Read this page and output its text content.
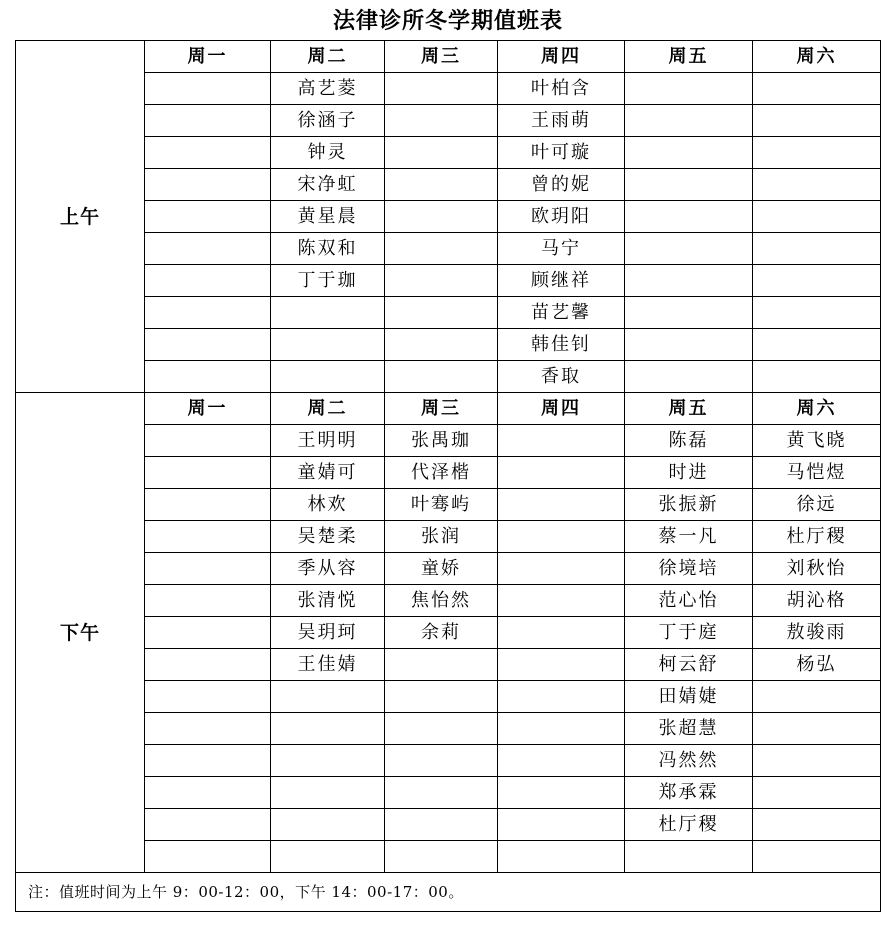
法律诊所冬学期值班表
上午	周一	周二	周三	周四	周五	周六
		高艺菱		叶柏含		
		徐涵子		王雨萌		
		钟灵		叶可璇		
		宋净虹		曾的妮		
		黄星晨		欧玥阳		
		陈双和		马宁		
		丁于珈		顾继祥		
				苗艺馨		
				韩佳钊		
				香取		
下午	周一	周二	周三	周四	周五	周六
		王明明	张禺珈		陈磊	黄飞晓
		童婧可	代泽楷		时进	马恺煜
		林欢	叶骞屿		张振新	徐远
		吴楚柔	张润		蔡一凡	杜厅稷
		季从容	童娇		徐境培	刘秋怡
		张清悦	焦怡然		范心怡	胡沁格
		吴玥珂	余莉		丁于庭	敖骏雨
		王佳婧			柯云舒	杨弘
					田婧婕	
					张超慧	
					冯然然	
					郑承霖	
					杜厅稷	

注：值班时间为上午 9：00-12：00，下午 14：00-17：00。						
